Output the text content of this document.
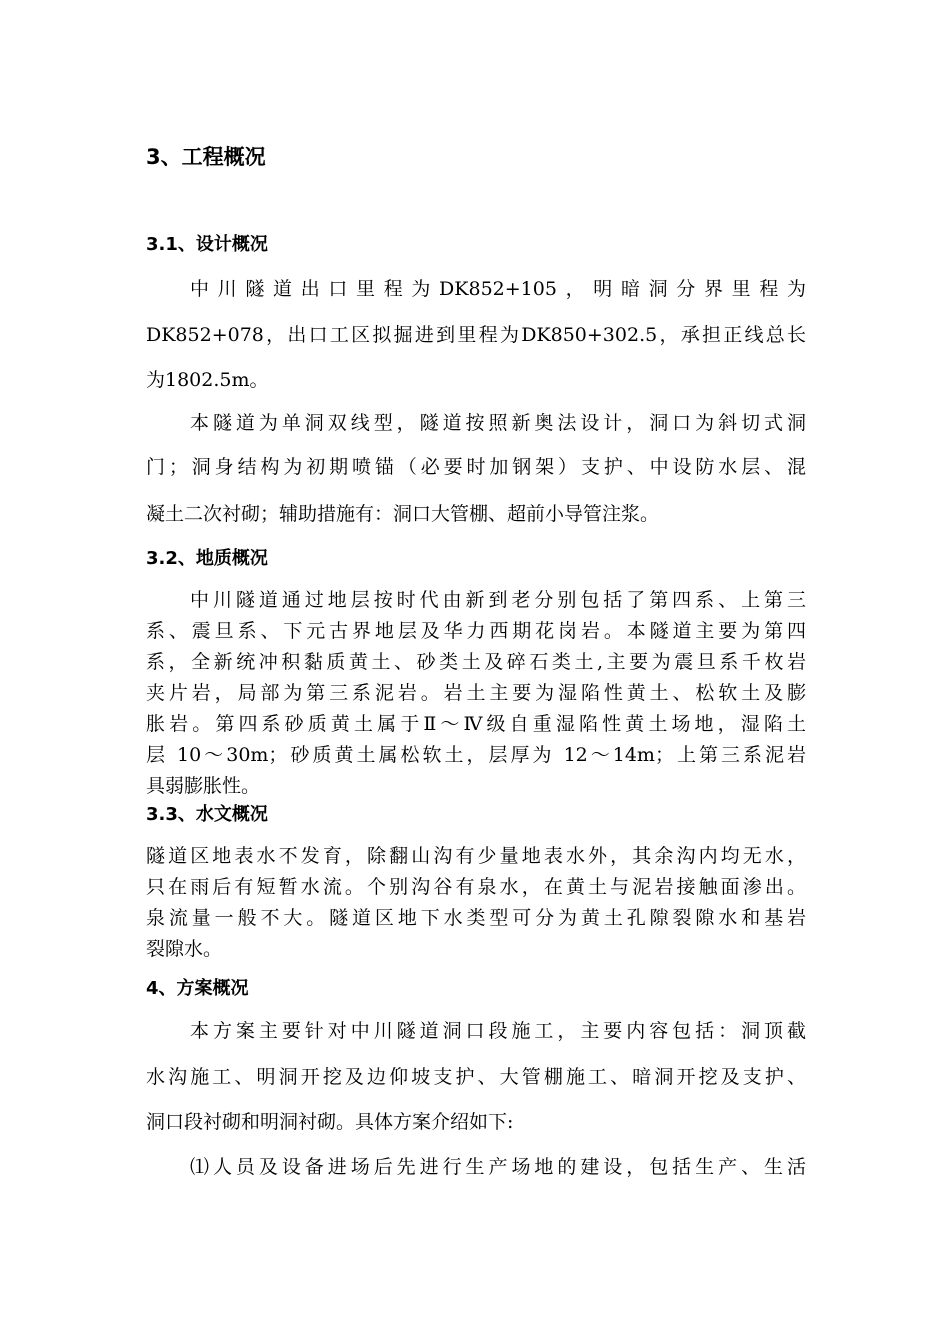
3、工程概况
3.1、设计概况
中川隧道出口里程为DK852+105，明暗洞分界里程为
DK852+078，出口工区拟掘进到里程为DK850+302.5，承担正线总长
为1802.5m。
本隧道为单洞双线型，隧道按照新奥法设计，洞口为斜切式洞
门；洞身结构为初期喷锚（必要时加钢架）支护、中设防水层、混
凝土二次衬砌；辅助措施有：洞口大管棚、超前小导管注浆。
3.2、地质概况
中川隧道通过地层按时代由新到老分别包括了第四系、上第三
系、震旦系、下元古界地层及华力西期花岗岩。本隧道主要为第四
系，全新统冲积黏质黄土、砂类土及碎石类土,主要为震旦系千枚岩
夹片岩，局部为第三系泥岩。岩土主要为湿陷性黄土、松软土及膨
胀岩。第四系砂质黄土属于Ⅱ～Ⅳ级自重湿陷性黄土场地，湿陷土
层 10～30m；砂质黄土属松软土，层厚为 12～14m；上第三系泥岩
具弱膨胀性。
3.3、水文概况
隧道区地表水不发育，除翻山沟有少量地表水外，其余沟内均无水，
只在雨后有短暂水流。个别沟谷有泉水，在黄土与泥岩接触面渗出。
泉流量一般不大。隧道区地下水类型可分为黄土孔隙裂隙水和基岩
裂隙水。
4、方案概况
本方案主要针对中川隧道洞口段施工，主要内容包括：洞顶截
水沟施工、明洞开挖及边仰坡支护、大管棚施工、暗洞开挖及支护、
洞口段衬砌和明洞衬砌。具体方案介绍如下:
⑴人员及设备进场后先进行生产场地的建设，包括生产、生活
